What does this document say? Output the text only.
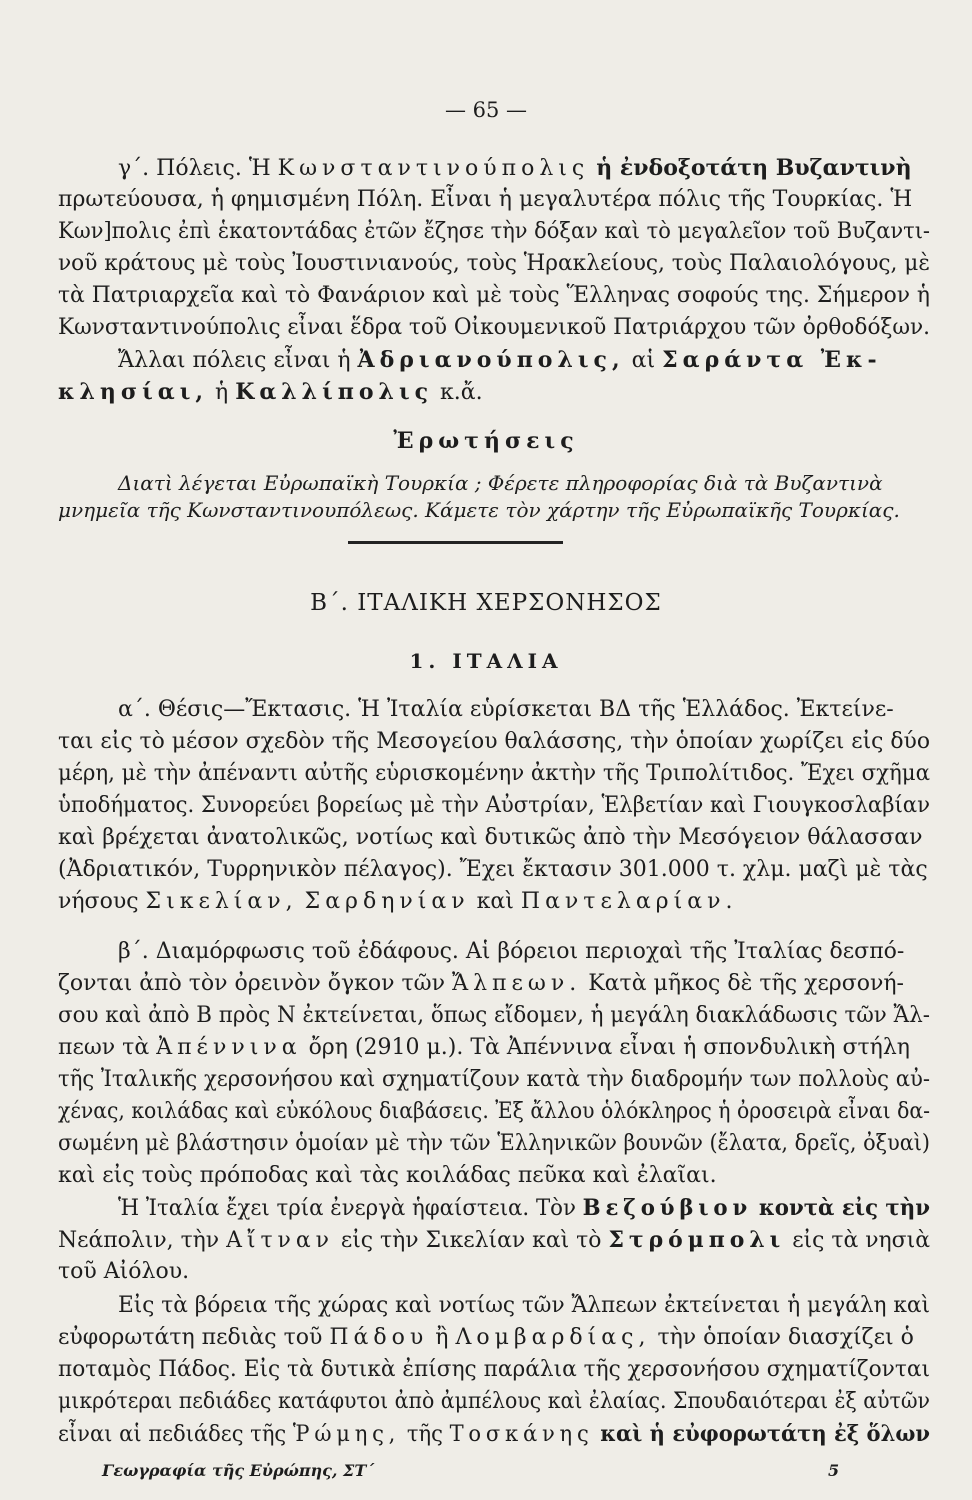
— 65 —
γ΄. Πόλεις. Ἡ Κωνσταντινούπολις ἡ ἐνδοξοτάτη Βυζαντινὴ
πρωτεύουσα, ἡ φημισμένη Πόλη. Εἶναι ἡ μεγαλυτέρα πόλις τῆς Τουρκίας. Ἡ
Κων]πολις ἐπὶ ἑκατοντάδας ἐτῶν ἔζησε τὴν δόξαν καὶ τὸ μεγαλεῖον τοῦ Βυζαντι-
νοῦ κράτους μὲ τοὺς Ἰουστινιανούς, τοὺς Ἡρακλείους, τοὺς Παλαιολόγους, μὲ
τὰ Πατριαρχεῖα καὶ τὸ Φανάριον καὶ μὲ τοὺς Ἕλληνας σοφούς της. Σήμερον ἡ
Κωνσταντινούπολις εἶναι ἕδρα τοῦ Οἰκουμενικοῦ Πατριάρχου τῶν ὀρθοδόξων.
Ἄλλαι πόλεις εἶναι ἡ Ἀδριανούπολις, αἱ Σαράντα Ἐκ-
κλησίαι, ἡ Καλλίπολις κ.ἄ.
Ἐρωτήσεις
Διατὶ λέγεται Εὐρωπαϊκὴ Τουρκία ; Φέρετε πληροφορίας διὰ τὰ Βυζαντινὰ
μνημεῖα τῆς Κωνσταντινουπόλεως. Κάμετε τὸν χάρτην τῆς Εὐρωπαϊκῆς Τουρκίας.
Β΄. ΙΤΑΛΙΚΗ ΧΕΡΣΟΝΗΣΟΣ
1. ΙΤΑΛΙΑ
α΄. Θέσις—Ἔκτασις. Ἡ Ἰταλία εὑρίσκεται ΒΔ τῆς Ἑλλάδος. Ἐκτείνε-
ται εἰς τὸ μέσον σχεδὸν τῆς Μεσογείου θαλάσσης, τὴν ὁποίαν χωρίζει εἰς δύο
μέρη, μὲ τὴν ἀπέναντι αὐτῆς εὑρισκομένην ἀκτὴν τῆς Τριπολίτιδος. Ἔχει σχῆμα
ὑποδήματος. Συνορεύει βορείως μὲ τὴν Αὐστρίαν, Ἑλβετίαν καὶ Γιουγκοσλαβίαν
καὶ βρέχεται ἀνατολικῶς, νοτίως καὶ δυτικῶς ἀπὸ τὴν Μεσόγειον θάλασσαν
(Ἀδριατικόν, Τυρρηνικὸν πέλαγος). Ἔχει ἔκτασιν 301.000 τ. χλμ. μαζὶ μὲ τὰς
νήσους Σικελίαν, Σαρδηνίαν καὶ Παντελαρίαν.
β΄. Διαμόρφωσις τοῦ ἐδάφους. Αἱ βόρειοι περιοχαὶ τῆς Ἰταλίας δεσπό-
ζονται ἀπὸ τὸν ὀρεινὸν ὄγκον τῶν Ἄλπεων. Κατὰ μῆκος δὲ τῆς χερσονή-
σου καὶ ἀπὸ Β πρὸς Ν ἐκτείνεται, ὅπως εἴδομεν, ἡ μεγάλη διακλάδωσις τῶν Ἄλ-
πεων τὰ Ἀπέννινα ὄρη (2910 μ.). Τὰ Ἀπέννινα εἶναι ἡ σπονδυλικὴ στήλη
τῆς Ἰταλικῆς χερσονήσου καὶ σχηματίζουν κατὰ τὴν διαδρομήν των πολλοὺς αὐ-
χένας, κοιλάδας καὶ εὐκόλους διαβάσεις. Ἐξ ἄλλου ὁλόκληρος ἡ ὀροσειρὰ εἶναι δα-
σωμένη μὲ βλάστησιν ὁμοίαν μὲ τὴν τῶν Ἑλληνικῶν βουνῶν (ἔλατα, δρεῖς, ὀξυαὶ)
καὶ εἰς τοὺς πρόποδας καὶ τὰς κοιλάδας πεῦκα καὶ ἐλαῖαι.
Ἡ Ἰταλία ἔχει τρία ἐνεργὰ ἡφαίστεια. Τὸν Βεζούβιον κοντὰ εἰς τὴν
Νεάπολιν, τὴν Αἴτναν εἰς τὴν Σικελίαν καὶ τὸ Στρόμπολι εἰς τὰ νησιὰ
τοῦ Αἰόλου.
Εἰς τὰ βόρεια τῆς χώρας καὶ νοτίως τῶν Ἄλπεων ἐκτείνεται ἡ μεγάλη καὶ
εὐφορωτάτη πεδιὰς τοῦ Πάδου ἢ Λομβαρδίας, τὴν ὁποίαν διασχίζει ὁ
ποταμὸς Πάδος. Εἰς τὰ δυτικὰ ἐπίσης παράλια τῆς χερσονήσου σχηματίζονται
μικρότεραι πεδιάδες κατάφυτοι ἀπὸ ἀμπέλους καὶ ἐλαίας. Σπουδαιότεραι ἐξ αὐτῶν
εἶναι αἱ πεδιάδες τῆς Ῥώμης, τῆς Τοσκάνης καὶ ἡ εὐφορωτάτη ἐξ ὅλων
Γεωγραφία τῆς Εὐρώπης, ΣΤ΄	5
